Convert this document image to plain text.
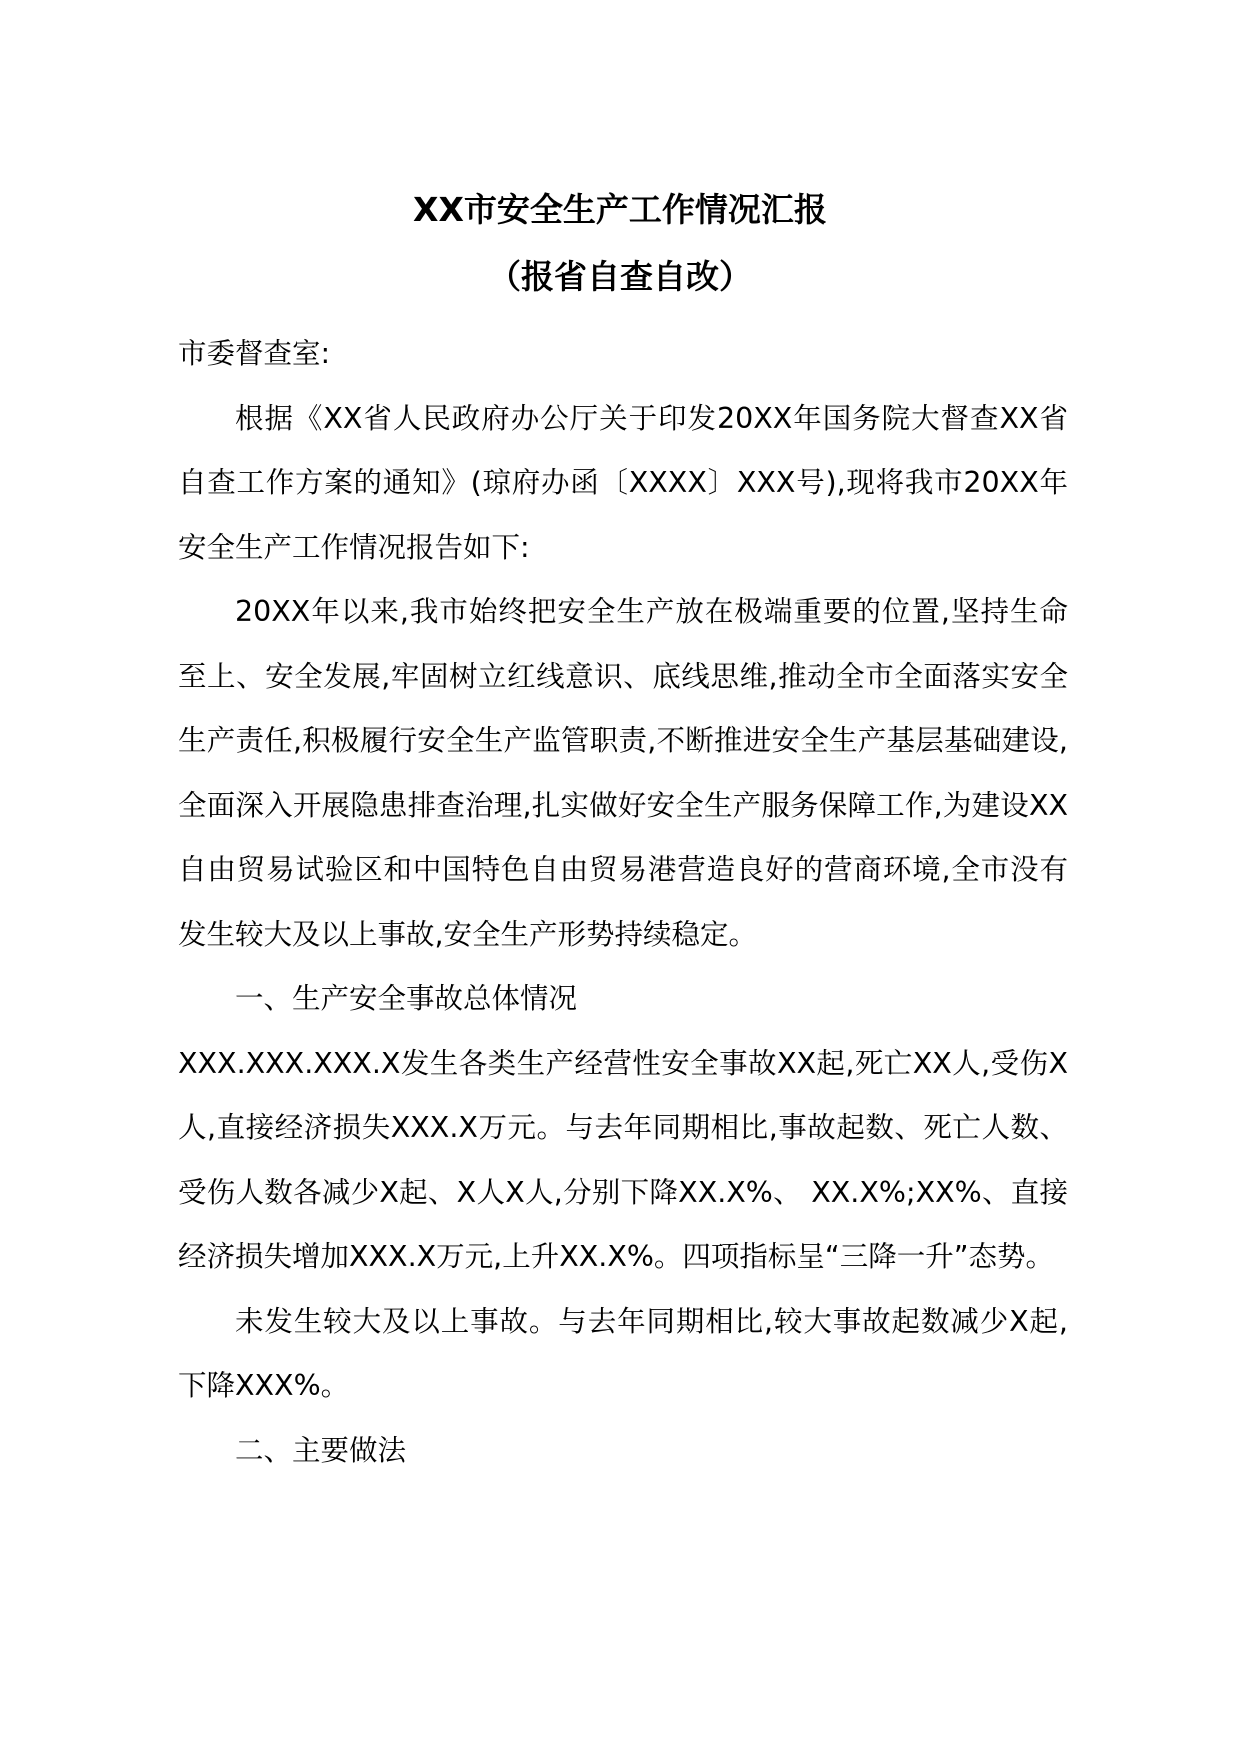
XX市安全生产工作情况汇报
（报省自查自改）

市委督查室:

根据《XX省人民政府办公厅关于印发20XX年国务院大督查XX省自查工作方案的通知》(琼府办函〔XXXX〕XXX号),现将我市20XX年安全生产工作情况报告如下:

20XX年以来,我市始终把安全生产放在极端重要的位置,坚持生命至上、安全发展,牢固树立红线意识、底线思维,推动全市全面落实安全生产责任,积极履行安全生产监管职责,不断推进安全生产基层基础建设,全面深入开展隐患排查治理,扎实做好安全生产服务保障工作,为建设XX自由贸易试验区和中国特色自由贸易港营造良好的营商环境,全市没有发生较大及以上事故,安全生产形势持续稳定。

一、生产安全事故总体情况

XXX.XXX.XXX.X发生各类生产经营性安全事故XX起,死亡XX人,受伤X人,直接经济损失XXX.X万元。与去年同期相比,事故起数、死亡人数、受伤人数各减少X起、X人X人,分别下降XX.X%、 XX.X%;XX%、直接经济损失增加XXX.X万元,上升XX.X%。四项指标呈“三降一升”态势。

未发生较大及以上事故。与去年同期相比,较大事故起数减少X起,下降XXX%。

二、主要做法
